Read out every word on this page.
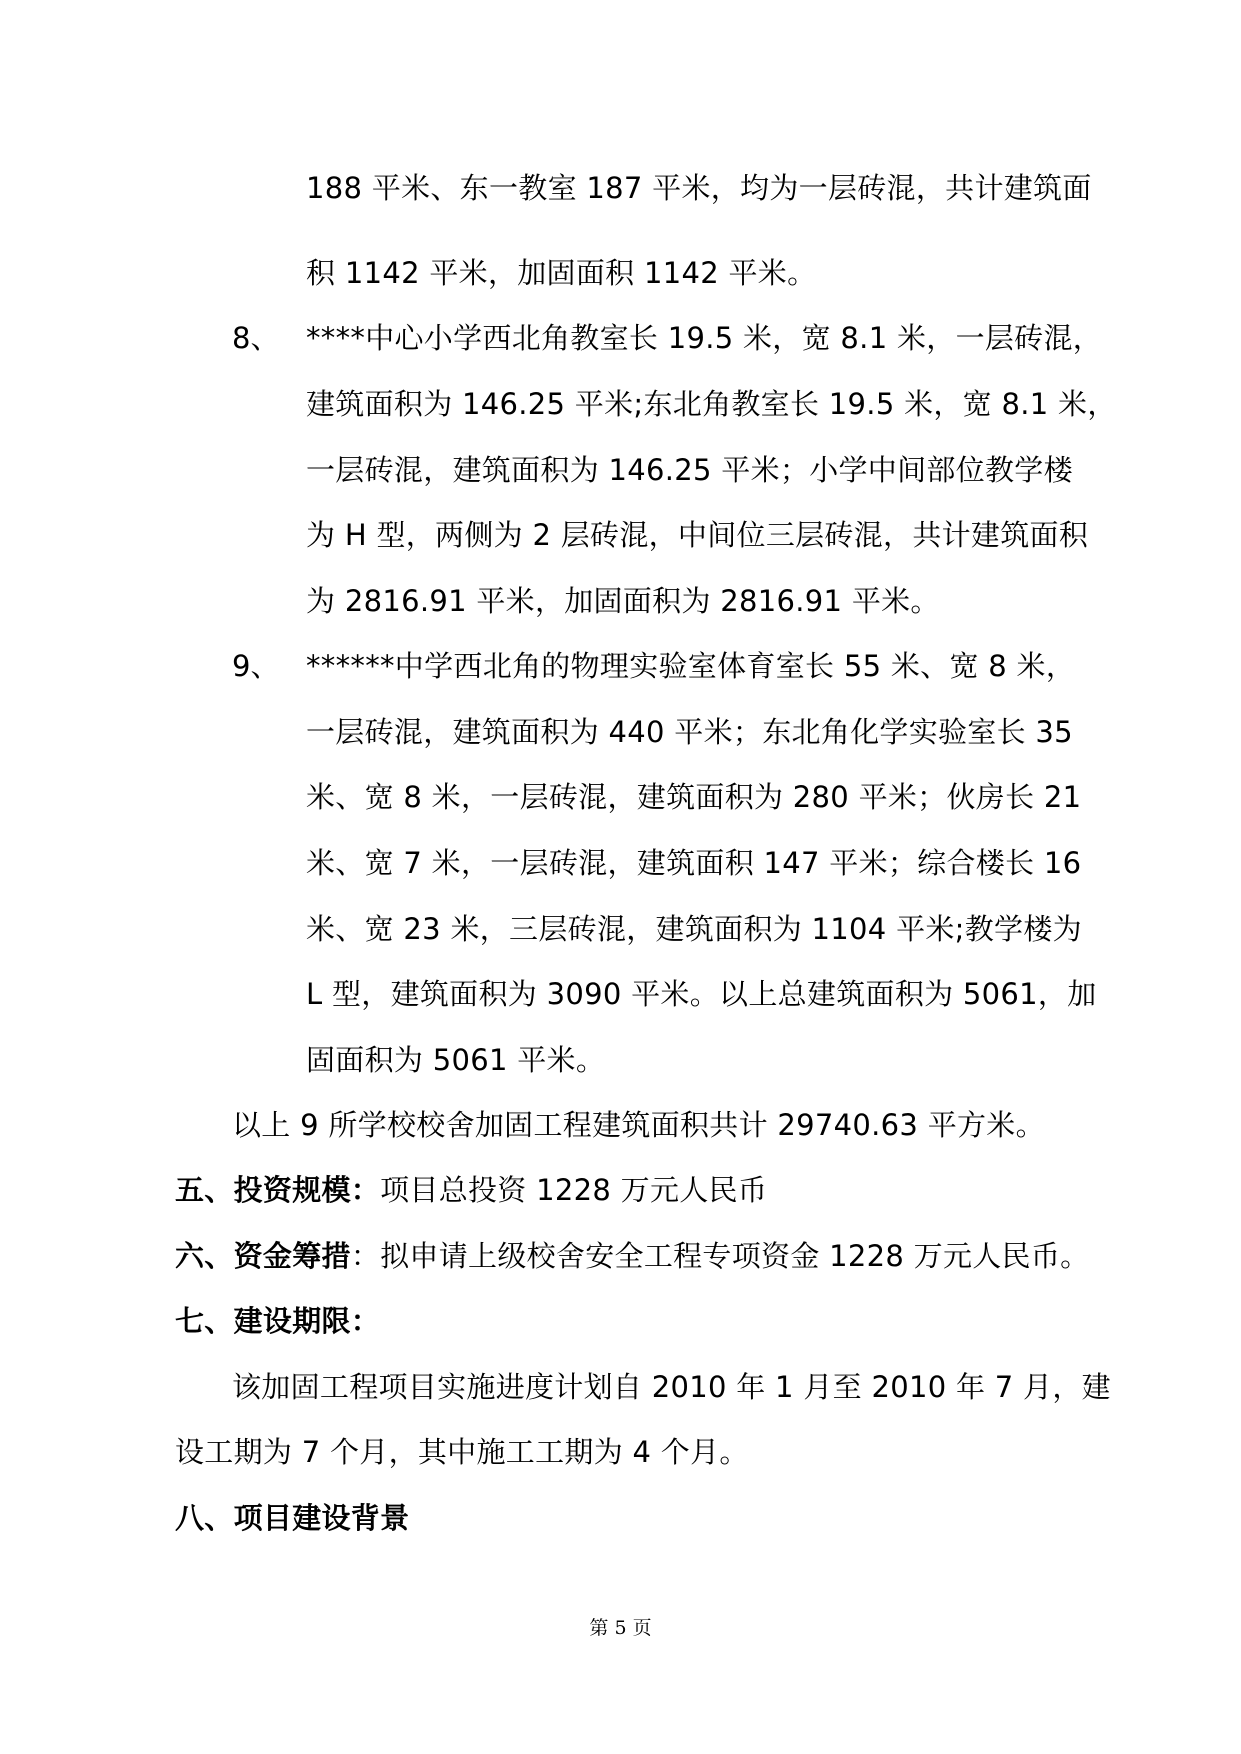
188 平米、东一教室 187 平米，均为一层砖混，共计建筑面
积 1142 平米，加固面积 1142 平米。
8、 ****中心小学西北角教室长 19.5 米，宽 8.1 米，一层砖混，
建筑面积为 146.25 平米;东北角教室长 19.5 米，宽 8.1 米，
一层砖混，建筑面积为 146.25 平米；小学中间部位教学楼
为 H 型，两侧为 2 层砖混，中间位三层砖混，共计建筑面积
为 2816.91 平米，加固面积为 2816.91 平米。
9、 ******中学西北角的物理实验室体育室长 55 米、宽 8 米，
一层砖混，建筑面积为 440 平米；东北角化学实验室长 35
米、宽 8 米，一层砖混，建筑面积为 280 平米；伙房长 21
米、宽 7 米，一层砖混，建筑面积 147 平米；综合楼长 16
米、宽 23 米，三层砖混，建筑面积为 1104 平米;教学楼为
L 型，建筑面积为 3090 平米。以上总建筑面积为 5061，加
固面积为 5061 平米。
以上 9 所学校校舍加固工程建筑面积共计 29740.63 平方米。
五、投资规模：项目总投资 1228 万元人民币
六、资金筹措：拟申请上级校舍安全工程专项资金 1228 万元人民币。
七、建设期限：
该加固工程项目实施进度计划自 2010 年 1 月至 2010 年 7 月，建
设工期为 7 个月，其中施工工期为 4 个月。
八、项目建设背景
第 5 页
